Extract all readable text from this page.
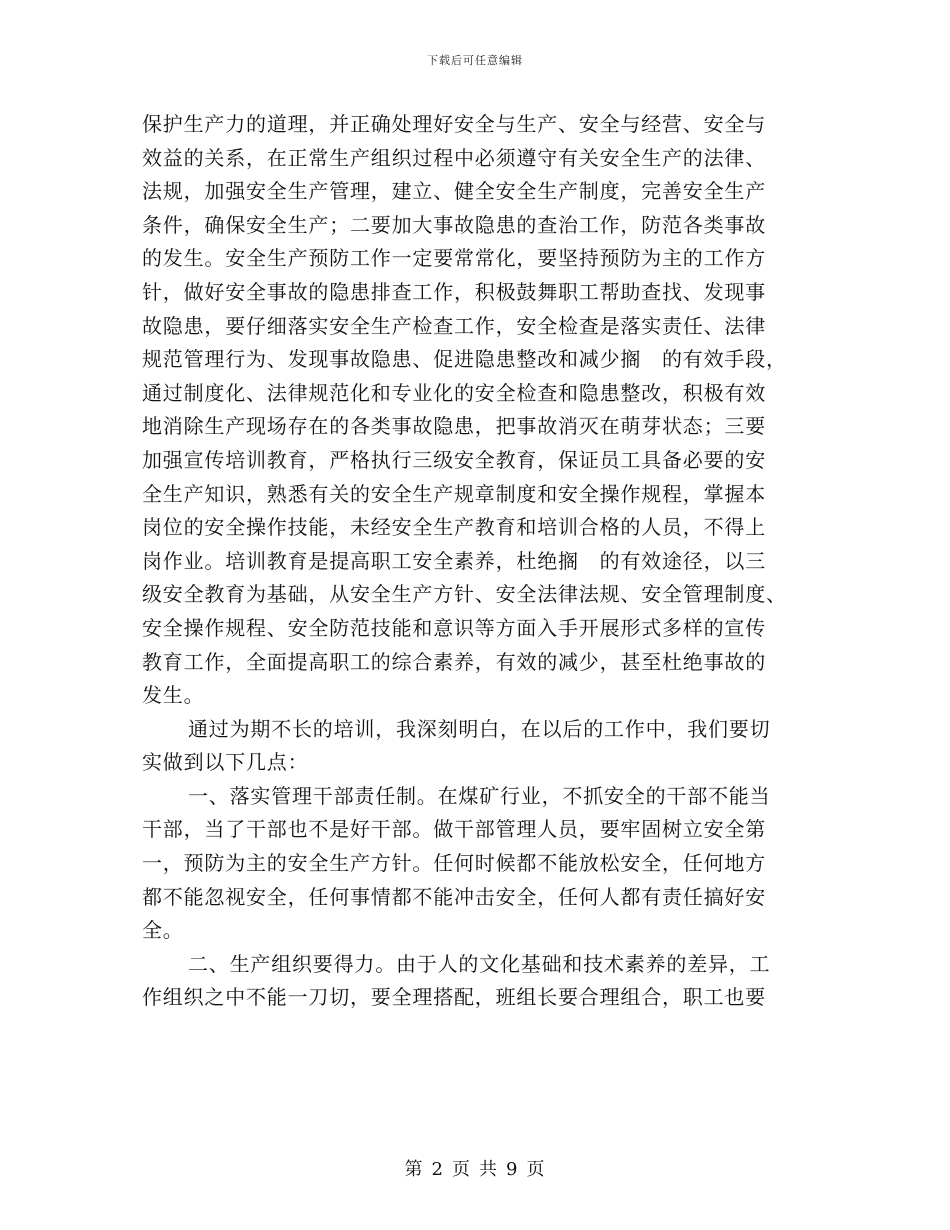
下载后可任意编辑
保护生产力的道理，并正确处理好安全与生产、安全与经营、安全与
效益的关系，在正常生产组织过程中必须遵守有关安全生产的法律、
法规，加强安全生产管理，建立、健全安全生产制度，完善安全生产
条件，确保安全生产；二要加大事故隐患的查治工作，防范各类事故
的发生。安全生产预防工作一定要常常化，要坚持预防为主的工作方
针，做好安全事故的隐患排查工作，积极鼓舞职工帮助查找、发现事
故隐患，要仔细落实安全生产检查工作，安全检查是落实责任、法律
规范管理行为、发现事故隐患、促进隐患整改和减少搁　的有效手段，
通过制度化、法律规范化和专业化的安全检查和隐患整改，积极有效
地消除生产现场存在的各类事故隐患，把事故消灭在萌芽状态；三要
加强宣传培训教育，严格执行三级安全教育，保证员工具备必要的安
全生产知识，熟悉有关的安全生产规章制度和安全操作规程，掌握本
岗位的安全操作技能，未经安全生产教育和培训合格的人员，不得上
岗作业。培训教育是提高职工安全素养，杜绝搁　的有效途径，以三
级安全教育为基础，从安全生产方针、安全法律法规、安全管理制度、
安全操作规程、安全防范技能和意识等方面入手开展形式多样的宣传
教育工作，全面提高职工的综合素养，有效的减少，甚至杜绝事故的
发生。
通过为期不长的培训，我深刻明白，在以后的工作中，我们要切
实做到以下几点：
一、落实管理干部责任制。在煤矿行业，不抓安全的干部不能当
干部，当了干部也不是好干部。做干部管理人员，要牢固树立安全第
一，预防为主的安全生产方针。任何时候都不能放松安全，任何地方
都不能忽视安全，任何事情都不能冲击安全，任何人都有责任搞好安
全。
二、生产组织要得力。由于人的文化基础和技术素养的差异，工
作组织之中不能一刀切，要全理搭配，班组长要合理组合，职工也要
第 2 页 共 9 页
